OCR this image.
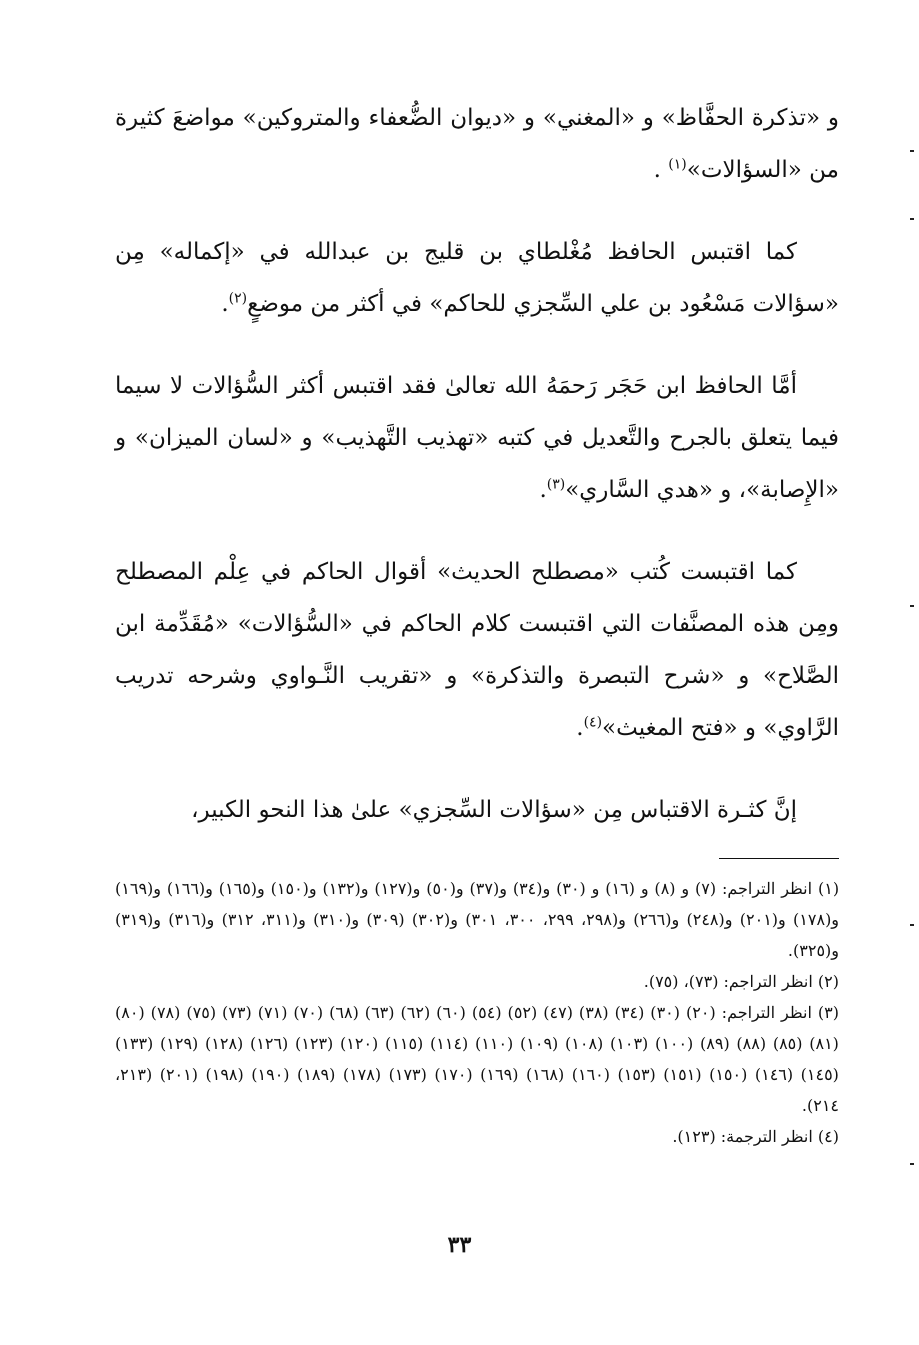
و «تذكرة الحفَّاظ» و «المغني» و «ديوان الضُّعفاء والمتروكين» مواضعَ كثيرة من «السؤالات»$^{(١)}$ .

كما اقتبس الحافظ مُغْلطاي بن قليج بن عبدالله في «إكماله» مِن «سؤالات مَسْعُود بن علي السِّجزي للحاكم» في أكثر من موضعٍ$^{(٢)}$.

أمَّا الحافظ ابن حَجَر رَحمَهُ الله تعالىٰ فقد اقتبس أكثر السُّؤالات لا سيما فيما يتعلق بالجرح والتَّعديل في كتبه «تهذيب التَّهذيب» و «لسان الميزان» و «الإِصابة»، و «هدي السَّاري»$^{(٣)}$.

كما اقتبست كُتب «مصطلح الحديث» أقوال الحاكم في عِلْم المصطلح ومِن هذه المصنَّفات التي اقتبست كلام الحاكم في «السُّؤالات» «مُقَدِّمة ابن الصَّلاح» و «شرح التبصرة والتذكرة» و «تقريب النَّـواوي وشرحه تدريب الرَّاوي» و «فتح المغيث»$^{(٤)}$.

إنَّ كثـرة الاقتباس مِن «سؤالات السِّجزي» علىٰ هذا النحو الكبير،

(١) انظر التراجم: (٧) و (٨) و (١٦) و (٣٠) و(٣٤) و(٣٧) و(٥٠) و(١٢٧) و(١٣٢) و(١٥٠) و(١٦٥) و(١٦٦) و(١٦٩) و(١٧٨) و(٢٠١) و(٢٤٨) و(٢٦٦) و(٢٩٨، ٢٩٩، ٣٠٠، ٣٠١) و(٣٠٢) (٣٠٩) و(٣١٠) و(٣١١، ٣١٢) و(٣١٦) و(٣١٩) و(٣٢٥).

(٢) انظر التراجم: (٧٣)، (٧٥).

(٣) انظر التراجم: (٢٠) (٣٠) (٣٤) (٣٨) (٤٧) (٥٢) (٥٤) (٦٠) (٦٢) (٦٣) (٦٨) (٧٠) (٧١) (٧٣) (٧٥) (٧٨) (٨٠) (٨١) (٨٥) (٨٨) (٨٩) (١٠٠) (١٠٣) (١٠٨) (١٠٩) (١١٠) (١١٤) (١١٥) (١٢٠) (١٢٣) (١٢٦) (١٢٨) (١٢٩) (١٣٣) (١٤٥) (١٤٦) (١٥٠) (١٥١) (١٥٣) (١٦٠) (١٦٨) (١٦٩) (١٧٠) (١٧٣) (١٧٨) (١٨٩) (١٩٠) (١٩٨) (٢٠١) (٢١٣، ٢١٤).

(٤) انظر الترجمة: (١٢٣).

٣٣
